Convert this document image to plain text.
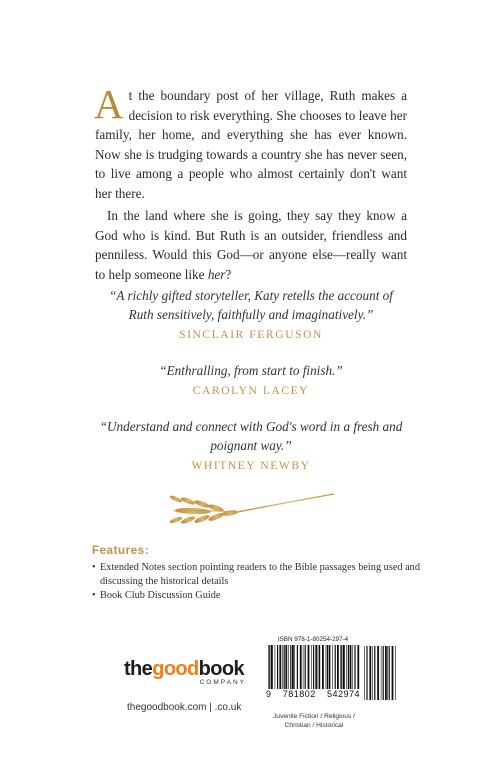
At the boundary post of her village, Ruth makes a decision to risk everything. She chooses to leave her family, her home, and everything she has ever known. Now she is trudging towards a country she has never seen, to live among a people who almost certainly don't want her there.

In the land where she is going, they say they know a God who is kind. But Ruth is an outsider, friendless and penniless. Would this God—or anyone else—really want to help someone like her?

“A richly gifted storyteller, Katy retells the account of Ruth sensitively, faithfully and imaginatively.”

SINCLAIR FERGUSON

“Enthralling, from start to finish.”

CAROLYN LACEY

“Understand and connect with God's word in a fresh and poignant way.”

WHITNEY NEWBY

Features:

• Extended Notes section pointing readers to the Bible passages being used and discussing the historical details
• Book Club Discussion Guide
thegoodbook
COMPANY
thegoodbook.com | .co.uk
ISBN 978-1-80254-297-4
9 781802 542974
Juvenile Fiction / Religious / Christian / Historical
